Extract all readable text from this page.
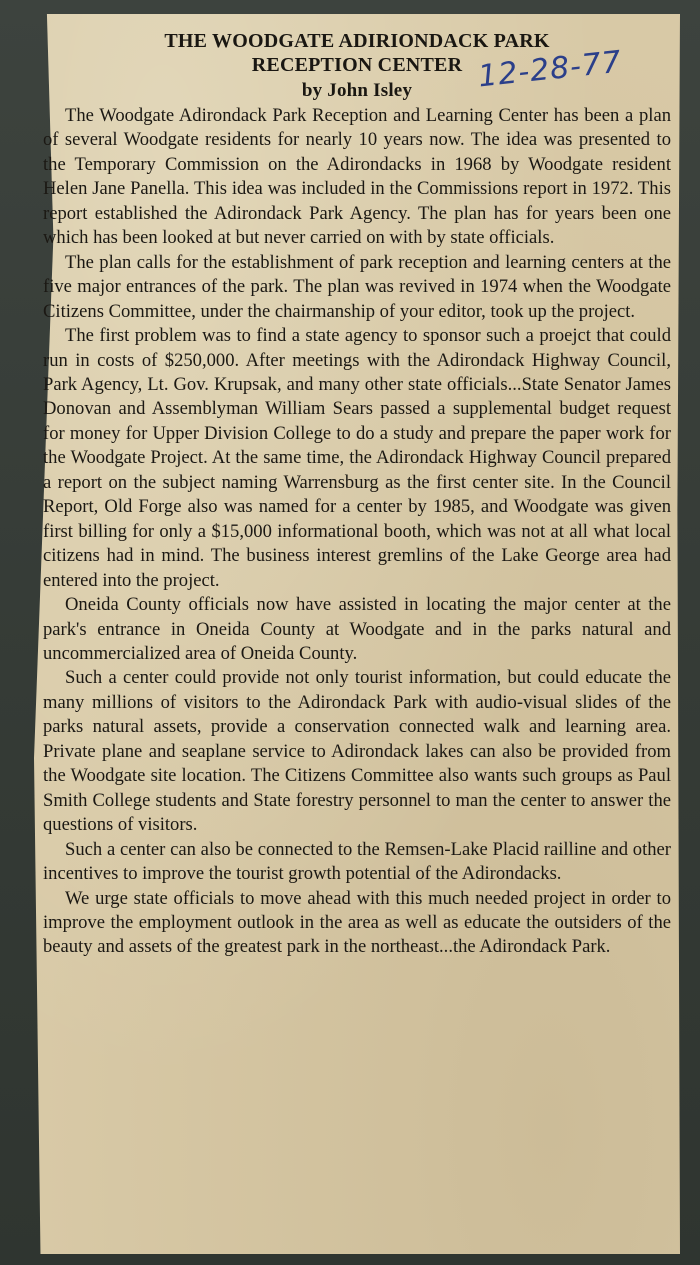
THE WOODGATE ADIRIONDACK PARK
RECEPTION CENTER
by John Isley	12-28-77

The Woodgate Adirondack Park Reception and Learning Center has been a plan of several Woodgate residents for nearly 10 years now. The idea was presented to the Temporary Commission on the Adirondacks in 1968 by Woodgate resident Helen Jane Panella. This idea was included in the Commissions report in 1972. This report established the Adirondack Park Agency. The plan has for years been one which has been looked at but never carried on with by state officials.

The plan calls for the establishment of park reception and learning centers at the five major entrances of the park. The plan was revived in 1974 when the Woodgate Citizens Committee, under the chairmanship of your editor, took up the project.

The first problem was to find a state agency to sponsor such a proejct that could run in costs of $250,000. After meetings with the Adirondack Highway Council, Park Agency, Lt. Gov. Krupsak, and many other state officials...State Senator James Donovan and Assemblyman William Sears passed a supplemental budget request for money for Upper Division College to do a study and prepare the paper work for the Woodgate Project. At the same time, the Adirondack Highway Council prepared a report on the subject naming Warrensburg as the first center site. In the Council Report, Old Forge also was named for a center by 1985, and Woodgate was given first billing for only a $15,000 informational booth, which was not at all what local citizens had in mind. The business interest gremlins of the Lake George area had entered into the project.

Oneida County officials now have assisted in locating the major center at the park's entrance in Oneida County at Woodgate and in the parks natural and uncommercialized area of Oneida County.

Such a center could provide not only tourist information, but could educate the many millions of visitors to the Adirondack Park with audio-visual slides of the parks natural assets, provide a conservation connected walk and learning area. Private plane and seaplane service to Adirondack lakes can also be provided from the Woodgate site location. The Citizens Committee also wants such groups as Paul Smith College students and State forestry personnel to man the center to answer the questions of visitors.

Such a center can also be connected to the Remsen-Lake Placid railline and other incentives to improve the tourist growth potential of the Adirondacks.

We urge state officials to move ahead with this much needed project in order to improve the employment outlook in the area as well as educate the outsiders of the beauty and assets of the greatest park in the northeast...the Adirondack Park.
